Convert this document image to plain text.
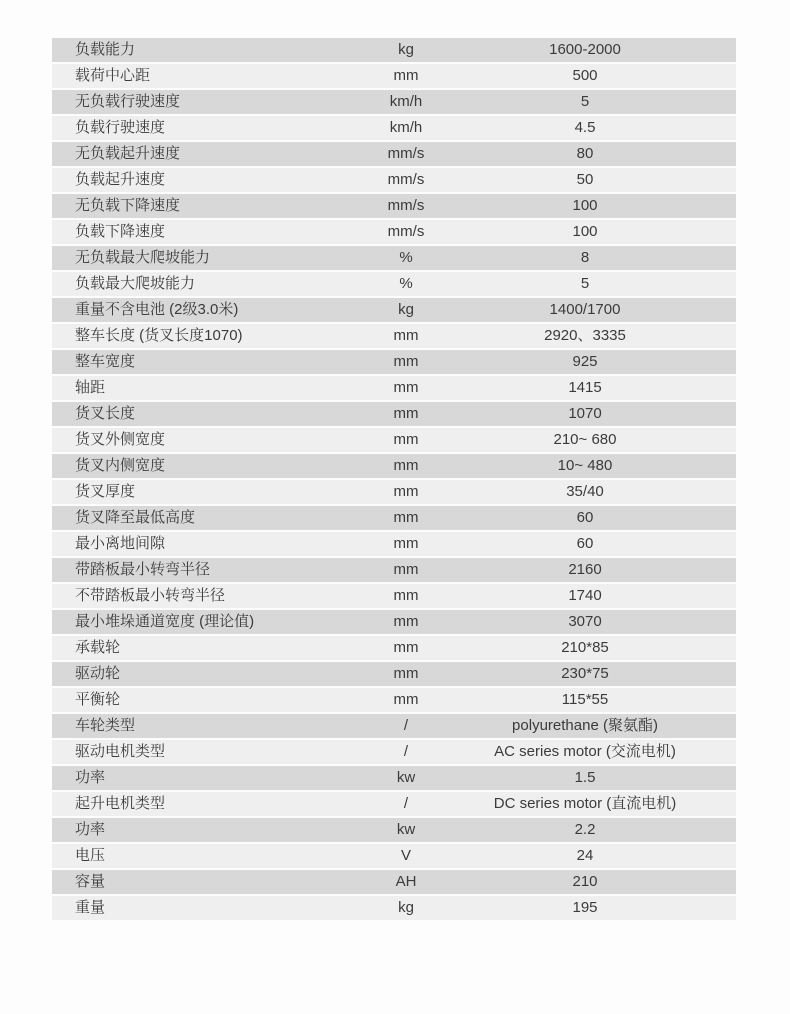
负载能力	kg	1600-2000
载荷中心距	mm	500
无负载行驶速度	km/h	5
负载行驶速度	km/h	4.5
无负载起升速度	mm/s	80
负载起升速度	mm/s	50
无负载下降速度	mm/s	100
负载下降速度	mm/s	100
无负载最大爬坡能力	%	8
负载最大爬坡能力	%	5
重量不含电池 (2级3.0米)	kg	1400/1700
整车长度 (货叉长度1070)	mm	2920、3335
整车宽度	mm	925
轴距	mm	1415
货叉长度	mm	1070
货叉外侧宽度	mm	210~ 680
货叉内侧宽度	mm	10~ 480
货叉厚度	mm	35/40
货叉降至最低高度	mm	60
最小离地间隙	mm	60
带踏板最小转弯半径	mm	2160
不带踏板最小转弯半径	mm	1740
最小堆垛通道宽度 (理论值)	mm	3070
承载轮	mm	210*85
驱动轮	mm	230*75
平衡轮	mm	115*55
车轮类型	/	polyurethane (聚氨酯)
驱动电机类型	/	AC series motor (交流电机)
功率	kw	1.5
起升电机类型	/	DC series motor (直流电机)
功率	kw	2.2
电压	V	24
容量	AH	210
重量	kg	195
